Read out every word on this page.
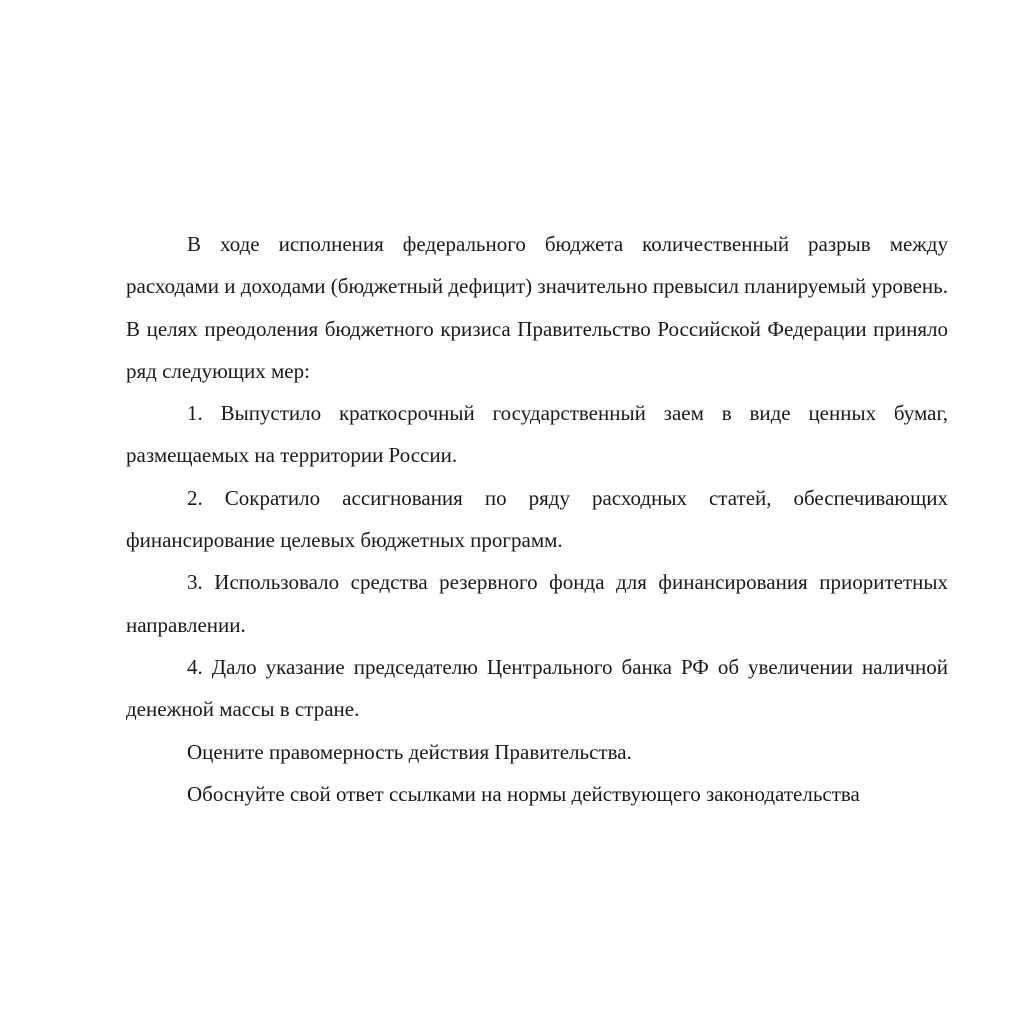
В ходе исполнения федерального бюджета количественный разрыв между расходами и доходами (бюджетный дефицит) значительно превысил планируемый уровень. В целях преодоления бюджетного кризиса Правительство Российской Федерации приняло ряд следующих мер:

1. Выпустило краткосрочный государственный заем в виде ценных бумаг, размещаемых на территории России.

2. Сократило ассигнования по ряду расходных статей, обеспечивающих финансирование целевых бюджетных программ.

3. Использовало средства резервного фонда для финансирования приоритетных направлении.

4. Дало указание председателю Центрального банка РФ об увеличении наличной денежной массы в стране.

Оцените правомерность действия Правительства.

Обоснуйте свой ответ ссылками на нормы действующего законодательства
